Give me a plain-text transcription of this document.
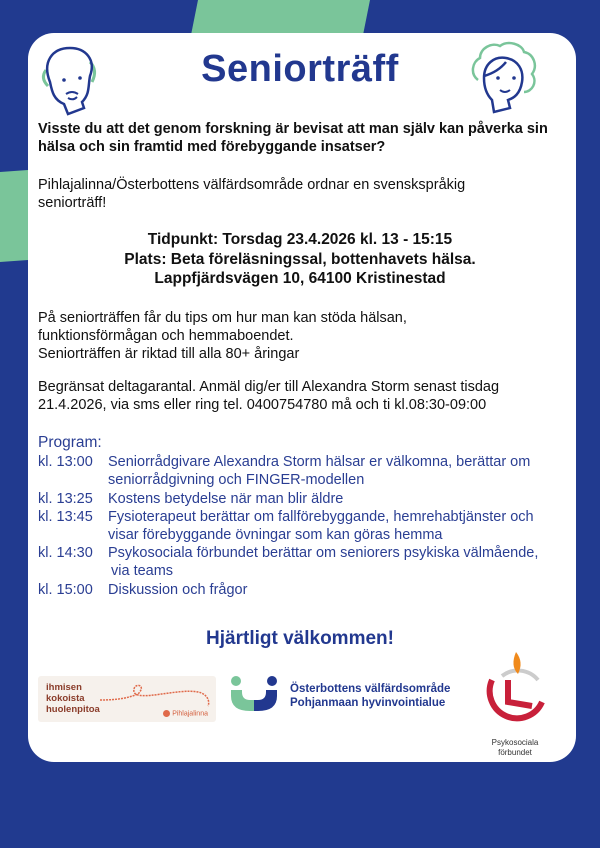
Seniorträff
Visste du att det genom forskning är bevisat att man själv kan påverka sin
hälsa och sin framtid med förebyggande insatser?
Pihlajalinna/Österbottens välfärdsområde ordnar en svenskspråkig
seniorträff!
Tidpunkt: Torsdag 23.4.2026 kl. 13 - 15:15
Plats: Beta föreläsningssal, bottenhavets hälsa.
Lappfjärdsvägen 10, 64100 Kristinestad
På seniorträffen får du tips om hur man kan stöda hälsan,
funktionsförmågan och hemmaboendet.
Seniorträffen är riktad till alla 80+ åringar
Begränsat deltagarantal. Anmäl dig/er till Alexandra Storm senast tisdag
21.4.2026, via sms eller ring tel. 0400754780 må och ti kl.08:30-09:00
Program:
kl. 13:00	Seniorrådgivare Alexandra Storm hälsar er välkomna, berättar om
seniorrådgivning och FINGER-modellen
kl. 13:25	Kostens betydelse när man blir äldre
kl. 13:45	Fysioterapeut berättar om fallförebyggande, hemrehabtjänster och
visar förebyggande övningar som kan göras hemma
kl. 14:30	Psykosociala förbundet berättar om seniorers psykiska välmående,
via teams
kl. 15:00	Diskussion och frågor
Hjärtligt välkommen!
ihmisen
kokoista
huolenpitoa	Pihlajalinna
Österbottens välfärdsområde
Pohjanmaan hyvinvointialue
Psykosociala
förbundet
